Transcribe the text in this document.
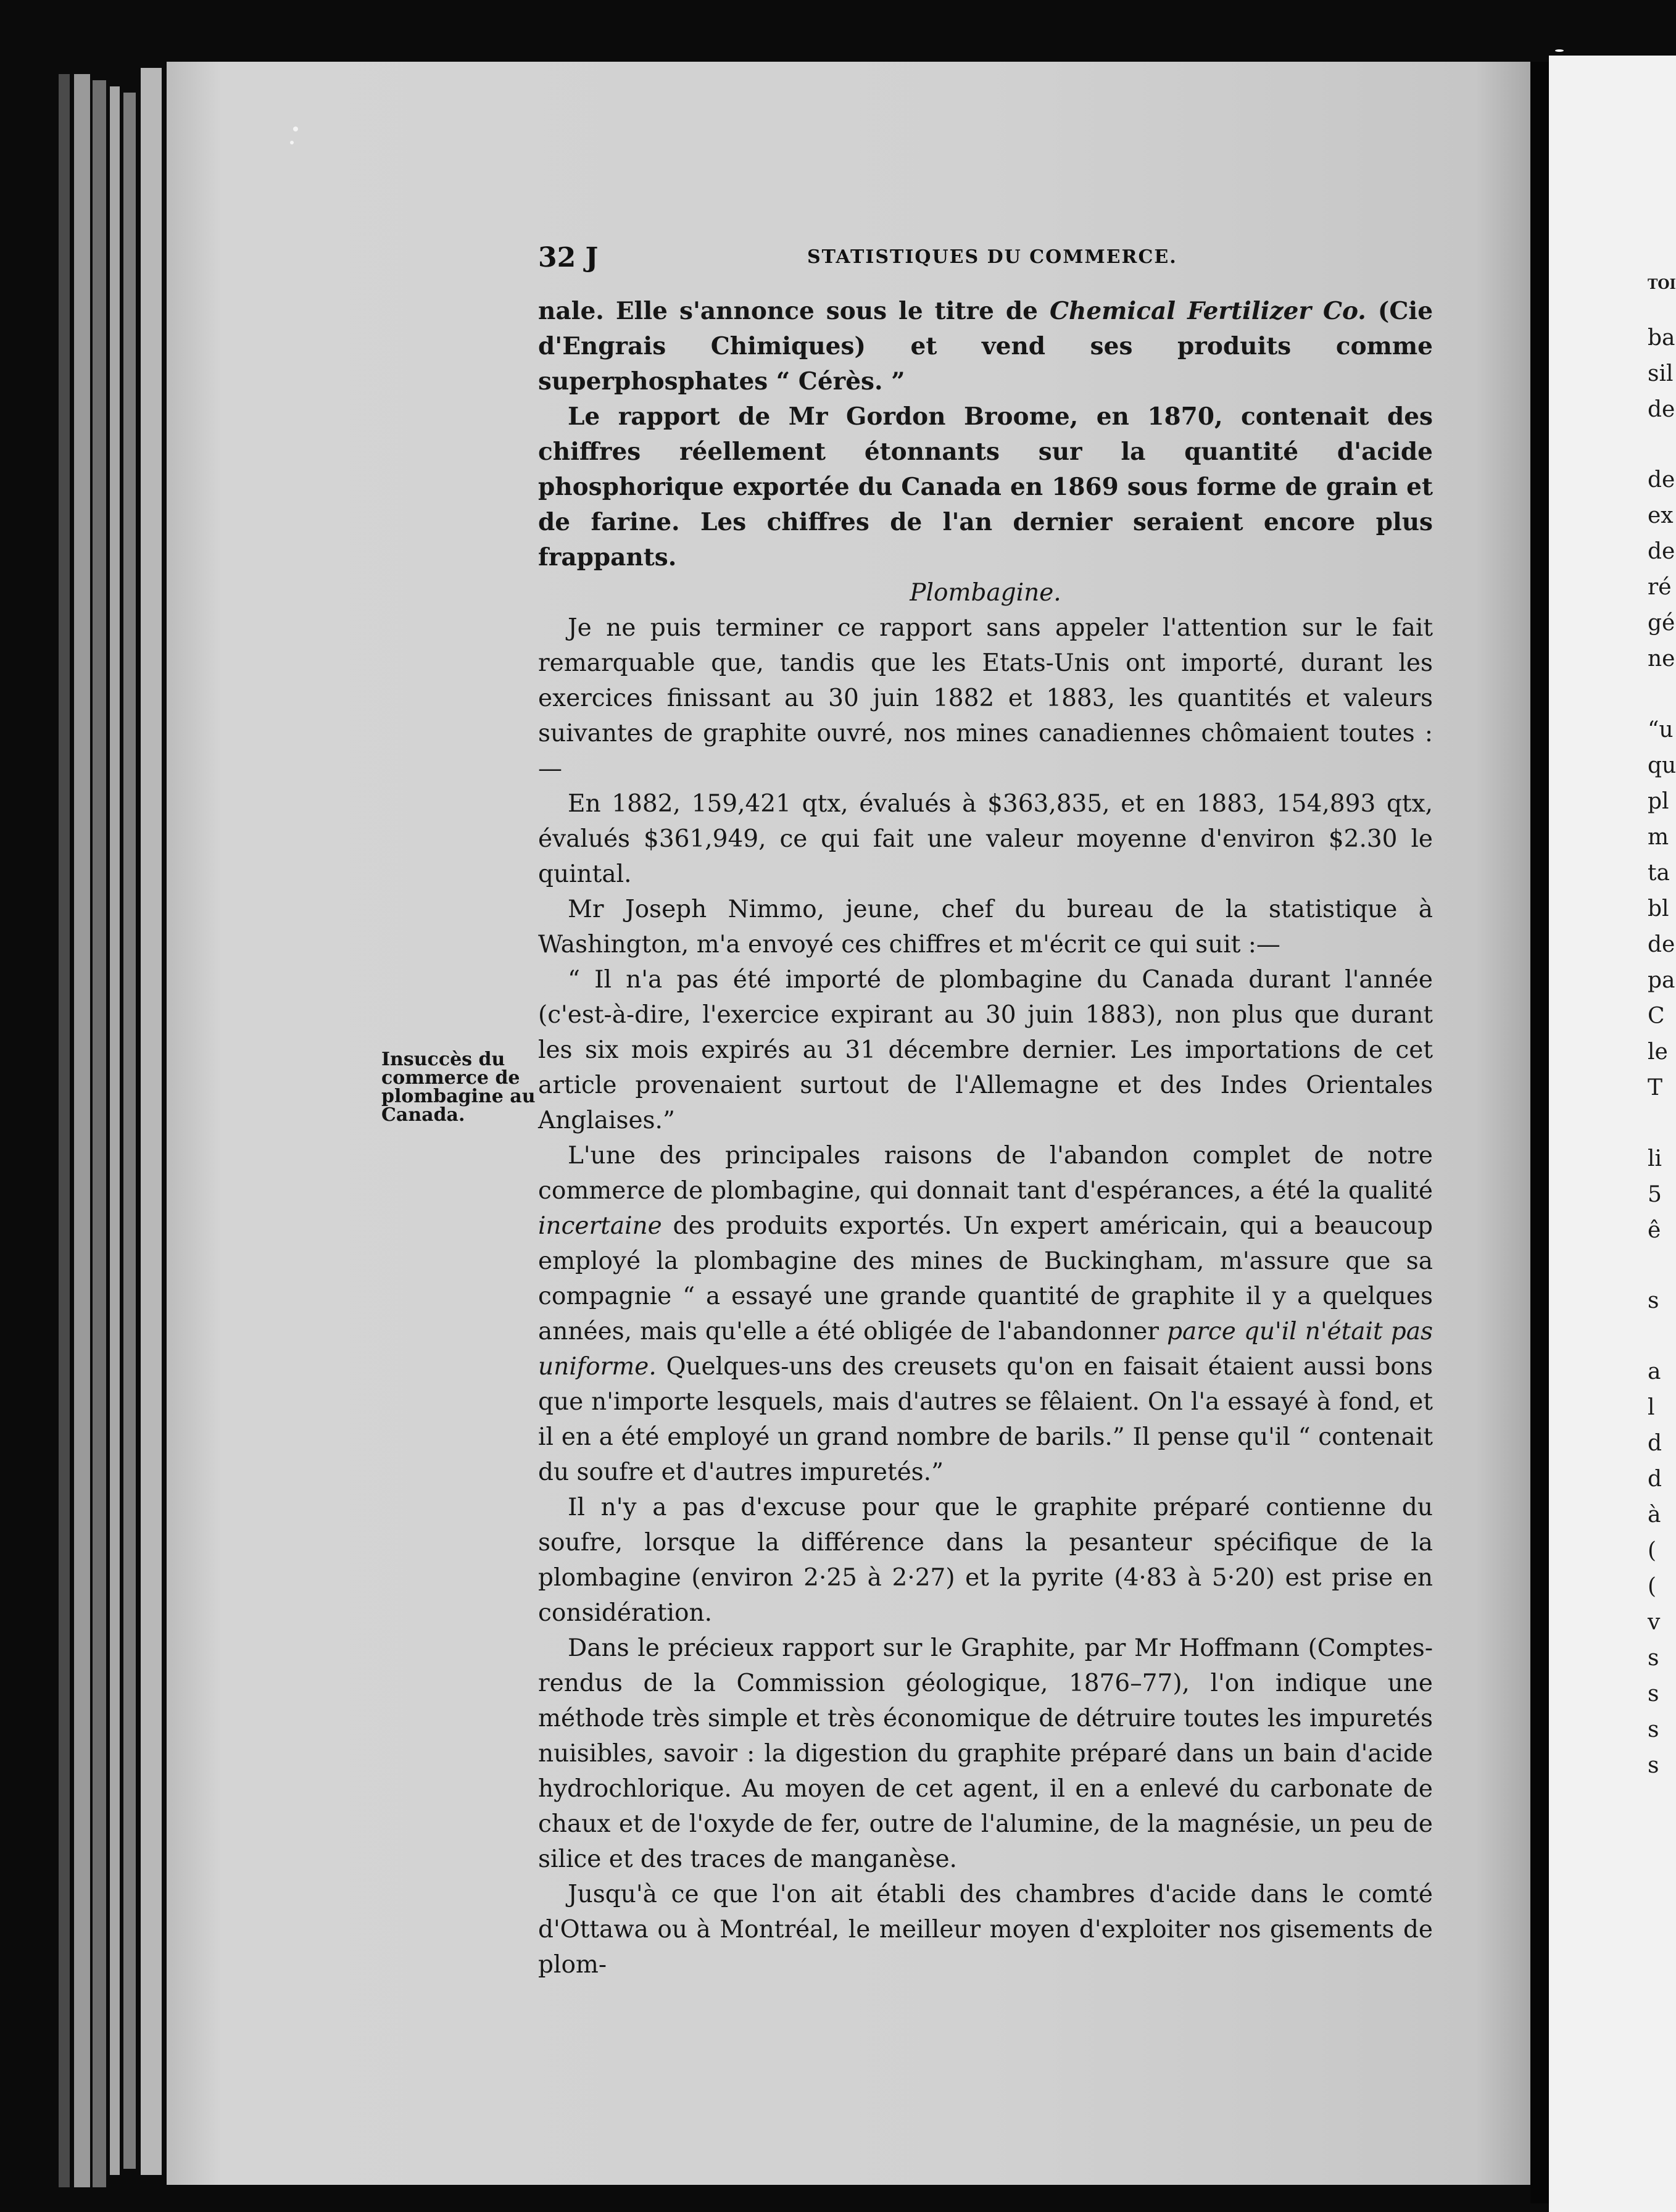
TOI
ba
sil
de
de
ex
de
ré
gé
ne
“u
qu
pl
m
ta
bl
de
pa
C
le
T
li
5
ê
s
a
l
d
d
à
(
(
v
s
s
s
s
32 J	STATISTIQUES DU COMMERCE.

nale. Elle s'annonce sous le titre de Chemical Fertilizer Co. (Cie d'Engrais Chimiques) et vend ses produits comme superphosphates “ Cérès. ”

Le rapport de Mr Gordon Broome, en 1870, contenait des chiffres réellement étonnants sur la quantité d'acide phosphorique exportée du Canada en 1869 sous forme de grain et de farine. Les chiffres de l'an dernier seraient encore plus frappants.

Plombagine.

Je ne puis terminer ce rapport sans appeler l'attention sur le fait remarquable que, tandis que les Etats-Unis ont importé, durant les exercices finissant au 30 juin 1882 et 1883, les quantités et valeurs suivantes de graphite ouvré, nos mines canadiennes chômaient toutes :—

En 1882, 159,421 qtx, évalués à $363,835, et en 1883, 154,893 qtx, évalués $361,949, ce qui fait une valeur moyenne d'environ $2.30 le quintal.

Mr Joseph Nimmo, jeune, chef du bureau de la statistique à Washington, m'a envoyé ces chiffres et m'écrit ce qui suit :—

“ Il n'a pas été importé de plombagine du Canada durant l'année (c'est-à-dire, l'exercice expirant au 30 juin 1883), non plus que durant les six mois expirés au 31 décembre dernier. Les importations de cet article provenaient surtout de l'Allemagne et des Indes Orientales Anglaises.”

L'une des principales raisons de l'abandon complet de notre commerce de plombagine, qui donnait tant d'espérances, a été la qualité incertaine des produits exportés. Un expert américain, qui a beaucoup employé la plombagine des mines de Buckingham, m'assure que sa compagnie “ a essayé une grande quantité de graphite il y a quelques années, mais qu'elle a été obligée de l'abandonner parce qu'il n'était pas uniforme. Quelques-uns des creusets qu'on en faisait étaient aussi bons que n'importe lesquels, mais d'autres se fêlaient. On l'a essayé à fond, et il en a été employé un grand nombre de barils.” Il pense qu'il “ contenait du soufre et d'autres impuretés.”

Il n'y a pas d'excuse pour que le graphite préparé contienne du soufre, lorsque la différence dans la pesanteur spécifique de la plombagine (environ 2·25 à 2·27) et la pyrite (4·83 à 5·20) est prise en considération.

Dans le précieux rapport sur le Graphite, par Mr Hoffmann (Comptes-rendus de la Commission géologique, 1876–77), l'on indique une méthode très simple et très économique de détruire toutes les impuretés nuisibles, savoir : la digestion du graphite préparé dans un bain d'acide hydrochlorique. Au moyen de cet agent, il en a enlevé du carbonate de chaux et de l'oxyde de fer, outre de l'alumine, de la magnésie, un peu de silice et des traces de manganèse.

Jusqu'à ce que l'on ait établi des chambres d'acide dans le comté d'Ottawa ou à Montréal, le meilleur moyen d'exploiter nos gisements de plom-

Insuccès du
commerce de
plombagine au
Canada.
